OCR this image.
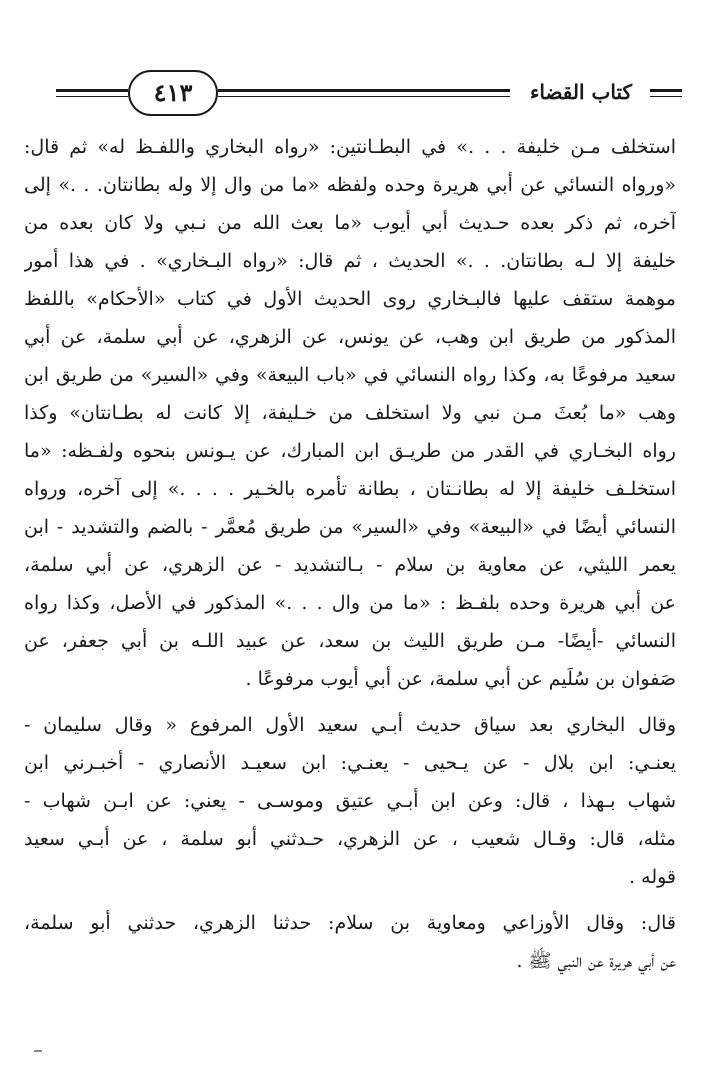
٤١٣	كتاب القضاء
استخلف مـن خليفة . . .» في البطـانتين: «رواه البخاري واللفـظ له» ثم قال:
«ورواه النسائي عن أبي هريرة وحده ولفظه «ما من وال إلا وله بطانتان. . .» إلى
آخره، ثم ذكر بعده حـديث أبي أيوب «ما بعث الله من نـبي ولا كان بعده من
خليفة إلا لـه بطانتان. . .» الحديث ، ثم قال: «رواه البـخاري» . في هذا أمور
موهمة ستقف عليها فالبـخاري روى الحديث الأول في كتاب «الأحكام» باللفظ
المذكور من طريق ابن وهب، عن يونس، عن الزهري، عن أبي سلمة، عن أبي
سعيد مرفوعًا به، وكذا رواه النسائي في «باب البيعة» وفي «السير» من طريق ابن
وهب «ما بُعثَ مـن نبي ولا استخلف من خـليفة، إلا كانت له بطـانتان» وكذا
رواه البخـاري في القدر من طريـق ابن المبارك، عن يـونس بنحوه ولفـظه: «ما
استخلـف خليفة إلا له بطانـتان ، بطانة تأمره بالخـير . . . .» إلى آخره، ورواه
النسائي أيضًا في «البيعة» وفي «السير» من طريق مُعمَّر - بالضم والتشديد - ابن
يعمر الليثي، عن معاوية بن سلام - بـالتشديد - عن الزهري، عن أبي سلمة،
عن أبي هريرة وحده بلفـظ : «ما من وال . . .» المذكور في الأصل، وكذا رواه
النسائي -أيضًا- مـن طريق الليث بن سعد، عن عبيد اللـه بن أبي جعفر، عن
صَفوان بن سُلَيم عن أبي سلمة، عن أبي أيوب مرفوعًا .
وقال البخاري بعد سياق حديث أبـي سعيد الأول المرفوع « وقال سليمان -
يعنـي: ابن بلال - عن يـحيى - يعنـي: ابن سعيـد الأنصاري - أخبـرني ابن
شهاب بـهذا ، قال: وعن ابن أبـي عتيق وموسـى - يعني: عن ابـن شهاب -
مثله، قال: وقـال شعيب ، عن الزهري، حـدثني أبو سلمة ، عن أبـي سعيد
قوله .
قال: وقال الأوزاعي ومعاوية بن سلام: حدثنا الزهري، حدثني أبو سلمة،
عن أبي هريرة عن النبي ﷺ .
